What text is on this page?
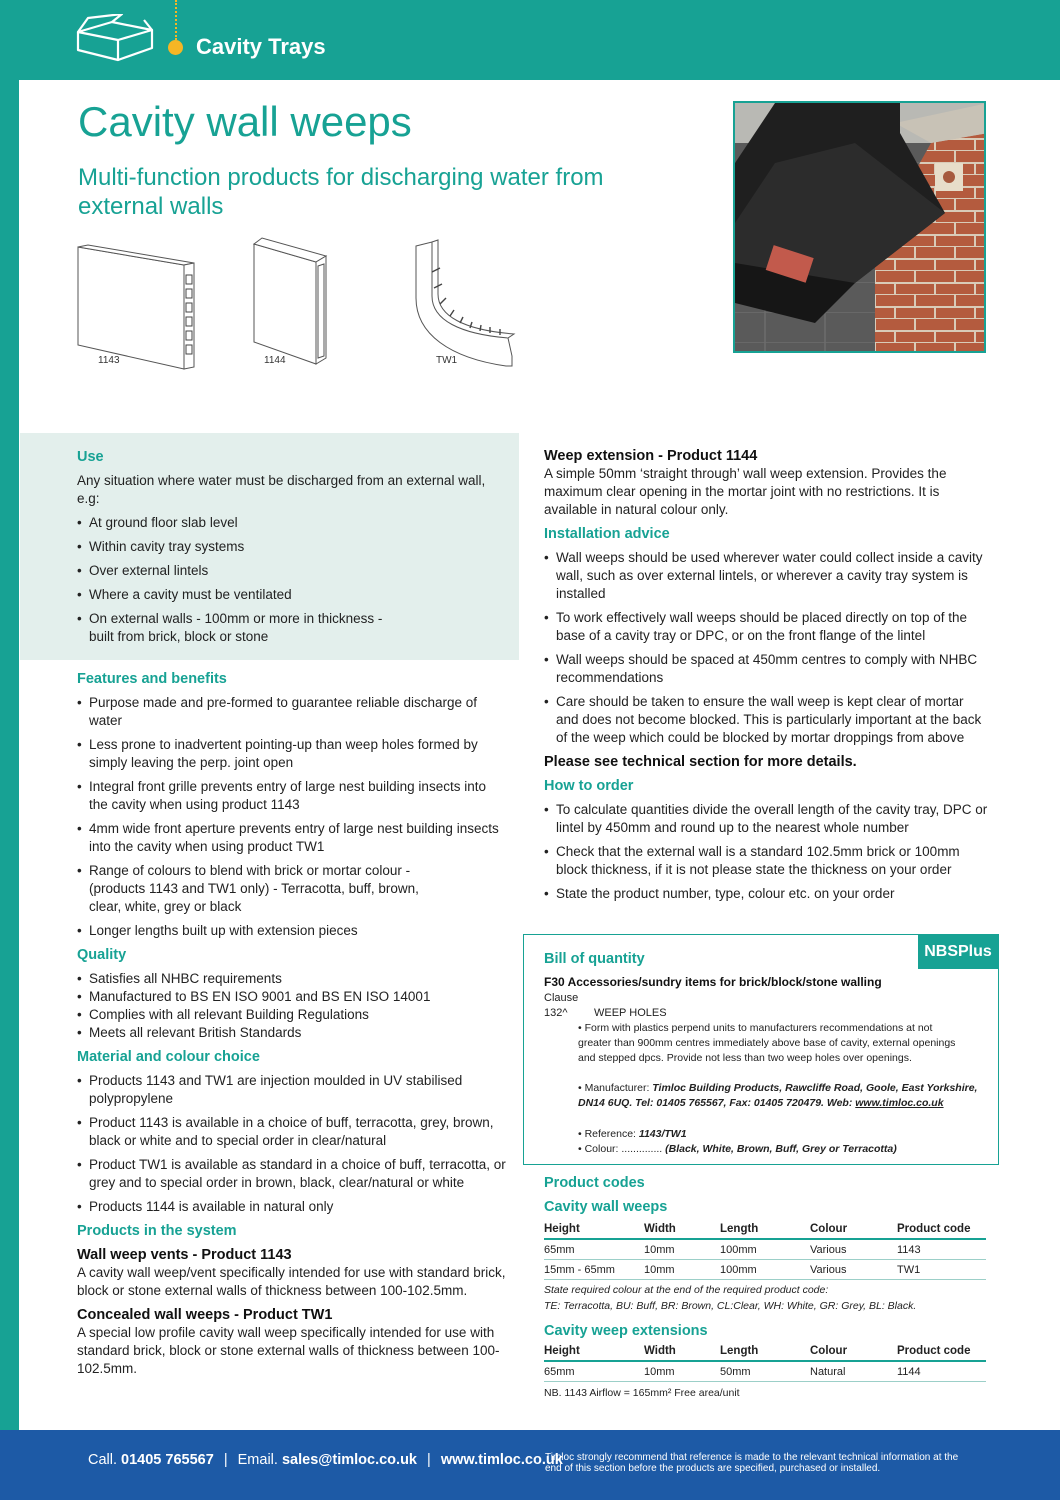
Cavity Trays
Cavity wall weeps
Multi-function products for discharging water from external walls
1143	1144	TW1
Use
Any situation where water must be discharged from an external wall, e.g:
• At ground floor slab level
• Within cavity tray systems
• Over external lintels
• Where a cavity must be ventilated
• On external walls - 100mm or more in thickness - built from brick, block or stone
Features and benefits
• Purpose made and pre-formed to guarantee reliable discharge of water
• Less prone to inadvertent pointing-up than weep holes formed by simply leaving the perp. joint open
• Integral front grille prevents entry of large nest building insects into the cavity when using product 1143
• 4mm wide front aperture prevents entry of large nest building insects into the cavity when using product TW1
• Range of colours to blend with brick or mortar colour - (products 1143 and TW1 only) - Terracotta, buff, brown, clear, white, grey or black
• Longer lengths built up with extension pieces
Quality
• Satisfies all NHBC requirements
• Manufactured to BS EN ISO 9001 and BS EN ISO 14001
• Complies with all relevant Building Regulations
• Meets all relevant British Standards
Material and colour choice
• Products 1143 and TW1 are injection moulded in UV stabilised polypropylene
• Product 1143 is available in a choice of buff, terracotta, grey, brown, black or white and to special order in clear/natural
• Product TW1 is available as standard in a choice of buff, terracotta, or grey and to special order in brown, black, clear/natural or white
• Products 1144 is available in natural only
Products in the system
Wall weep vents - Product 1143
A cavity wall weep/vent specifically intended for use with standard brick, block or stone external walls of thickness between 100-102.5mm.
Concealed wall weeps - Product TW1
A special low profile cavity wall weep specifically intended for use with standard brick, block or stone external walls of thickness between 100-102.5mm.
Weep extension - Product 1144
A simple 50mm ‘straight through’ wall weep extension. Provides the maximum clear opening in the mortar joint with no restrictions. It is available in natural colour only.
Installation advice
• Wall weeps should be used wherever water could collect inside a cavity wall, such as over external lintels, or wherever a cavity tray system is installed
• To work effectively wall weeps should be placed directly on top of the base of a cavity tray or DPC, or on the front flange of the lintel
• Wall weeps should be spaced at 450mm centres to comply with NHBC recommendations
• Care should be taken to ensure the wall weep is kept clear of mortar and does not become blocked. This is particularly important at the back of the weep which could be blocked by mortar droppings from above
Please see technical section for more details.
How to order
• To calculate quantities divide the overall length of the cavity tray, DPC or lintel by 450mm and round up to the nearest whole number
• Check that the external wall is a standard 102.5mm brick or 100mm block thickness, if it is not please state the thickness on your order
• State the product number, type, colour etc. on your order
NBSPlus
Bill of quantity
F30 Accessories/sundry items for brick/block/stone walling
Clause
132^ WEEP HOLES
• Form with plastics perpend units to manufacturers recommendations at not greater than 900mm centres immediately above base of cavity, external openings and stepped dpcs. Provide not less than two weep holes over openings.
• Manufacturer: Timloc Building Products, Rawcliffe Road, Goole, East Yorkshire, DN14 6UQ. Tel: 01405 765567, Fax: 01405 720479. Web: www.timloc.co.uk
• Reference: 1143/TW1
• Colour: .............. (Black, White, Brown, Buff, Grey or Terracotta)
Product codes
Cavity wall weeps
Height	Width	Length	Colour	Product code
65mm	10mm	100mm	Various	1143
15mm - 65mm	10mm	100mm	Various	TW1
State required colour at the end of the required product code:
TE: Terracotta, BU: Buff, BR: Brown, CL:Clear, WH: White, GR: Grey, BL: Black.
Cavity weep extensions
Height	Width	Length	Colour	Product code
65mm	10mm	50mm	Natural	1144
NB. 1143 Airflow = 165mm² Free area/unit
Call. 01405 765567 | Email. sales@timloc.co.uk | www.timloc.co.uk
Timloc strongly recommend that reference is made to the relevant technical information at the end of this section before the products are specified, purchased or installed.
